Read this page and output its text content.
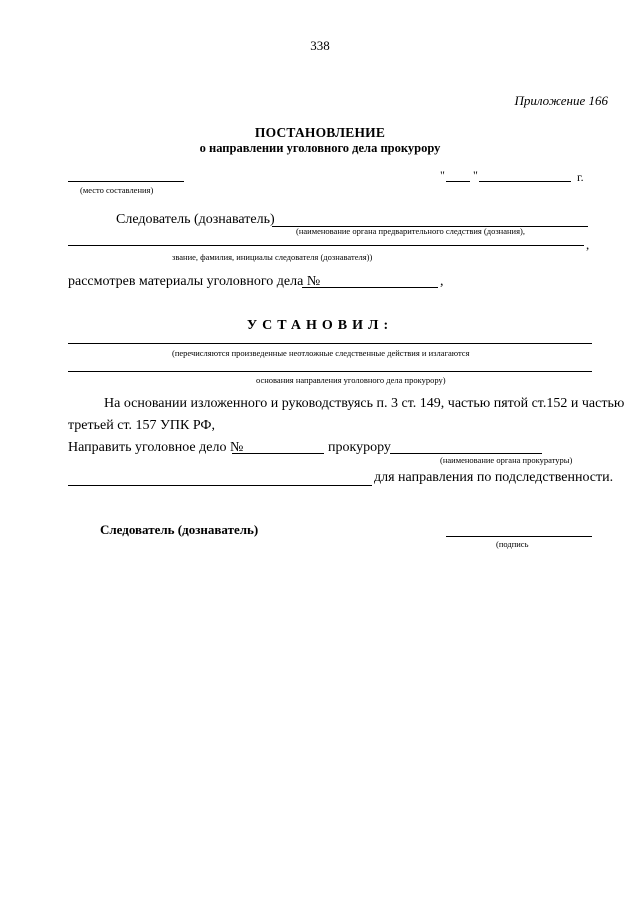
338
Приложение 166
ПОСТАНОВЛЕНИЕ
о направлении уголовного дела прокурору
" "	г.
(место составления)
Следователь (дознаватель)
(наименование органа предварительного следствия (дознания),
,
звание, фамилия, инициалы следователя (дознавателя))
рассмотрев материалы уголовного дела №	,
УСТАНОВИЛ:
(перечисляются произведенные неотложные следственные действия и излагаются
основания направления уголовного дела прокурору)
На основании изложенного и руководствуясь п. 3 ст. 149, частью пятой ст.152 и частью
третьей ст. 157 УПК РФ,
Направить уголовное дело №	прокурору
(наименование органа прокуратуры)
для направления по подследственности.
Следователь (дознаватель)
(подпись
